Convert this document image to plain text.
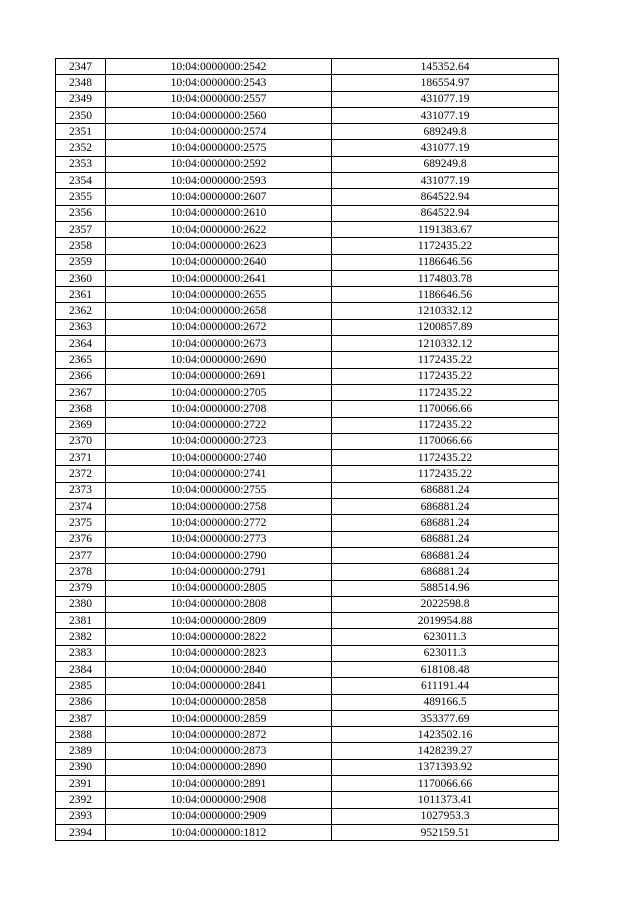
2347	10:04:0000000:2542	145352.64
2348	10:04:0000000:2543	186554.97
2349	10:04:0000000:2557	431077.19
2350	10:04:0000000:2560	431077.19
2351	10:04:0000000:2574	689249.8
2352	10:04:0000000:2575	431077.19
2353	10:04:0000000:2592	689249.8
2354	10:04:0000000:2593	431077.19
2355	10:04:0000000:2607	864522.94
2356	10:04:0000000:2610	864522.94
2357	10:04:0000000:2622	1191383.67
2358	10:04:0000000:2623	1172435.22
2359	10:04:0000000:2640	1186646.56
2360	10:04:0000000:2641	1174803.78
2361	10:04:0000000:2655	1186646.56
2362	10:04:0000000:2658	1210332.12
2363	10:04:0000000:2672	1200857.89
2364	10:04:0000000:2673	1210332.12
2365	10:04:0000000:2690	1172435.22
2366	10:04:0000000:2691	1172435.22
2367	10:04:0000000:2705	1172435.22
2368	10:04:0000000:2708	1170066.66
2369	10:04:0000000:2722	1172435.22
2370	10:04:0000000:2723	1170066.66
2371	10:04:0000000:2740	1172435.22
2372	10:04:0000000:2741	1172435.22
2373	10:04:0000000:2755	686881.24
2374	10:04:0000000:2758	686881.24
2375	10:04:0000000:2772	686881.24
2376	10:04:0000000:2773	686881.24
2377	10:04:0000000:2790	686881.24
2378	10:04:0000000:2791	686881.24
2379	10:04:0000000:2805	588514.96
2380	10:04:0000000:2808	2022598.8
2381	10:04:0000000:2809	2019954.88
2382	10:04:0000000:2822	623011.3
2383	10:04:0000000:2823	623011.3
2384	10:04:0000000:2840	618108.48
2385	10:04:0000000:2841	611191.44
2386	10:04:0000000:2858	489166.5
2387	10:04:0000000:2859	353377.69
2388	10:04:0000000:2872	1423502.16
2389	10:04:0000000:2873	1428239.27
2390	10:04:0000000:2890	1371393.92
2391	10:04:0000000:2891	1170066.66
2392	10:04:0000000:2908	1011373.41
2393	10:04:0000000:2909	1027953.3
2394	10:04:0000000:1812	952159.51
